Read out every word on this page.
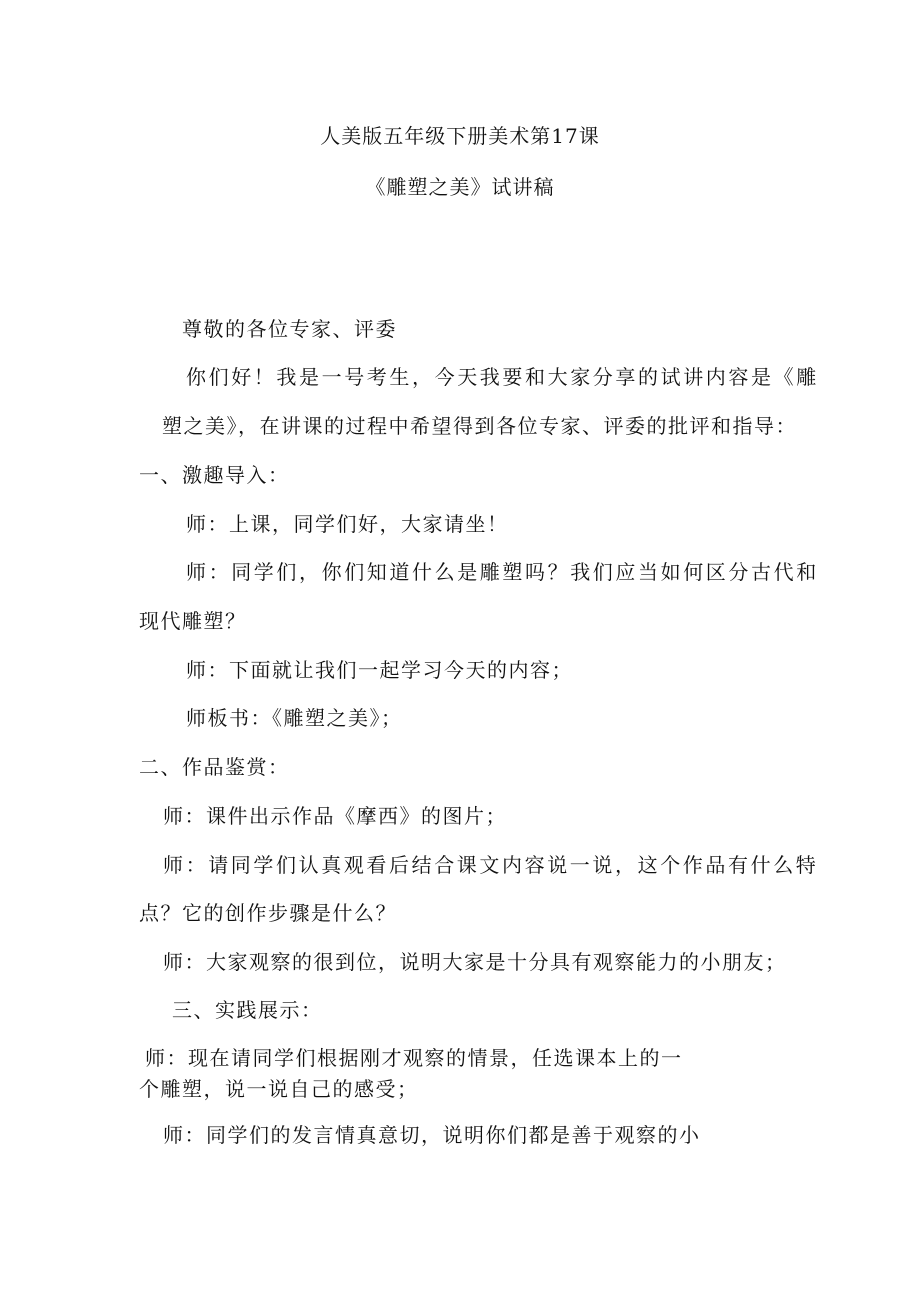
人美版五年级下册美术第17课
《雕塑之美》试讲稿
尊敬的各位专家、评委
你们好！我是一号考生，今天我要和大家分享的试讲内容是《雕
塑之美》，在讲课的过程中希望得到各位专家、评委的批评和指导：
一、激趣导入：
师：上课，同学们好，大家请坐！
师：同学们，你们知道什么是雕塑吗？我们应当如何区分古代和
现代雕塑？
师：下面就让我们一起学习今天的内容；
师板书：《雕塑之美》；
二、作品鉴赏：
师：课件出示作品《摩西》的图片；
师：请同学们认真观看后结合课文内容说一说，这个作品有什么特
点？它的创作步骤是什么？
师：大家观察的很到位，说明大家是十分具有观察能力的小朋友；
三、实践展示：
师：现在请同学们根据刚才观察的情景，任选课本上的一
个雕塑，说一说自己的感受；
师：同学们的发言情真意切，说明你们都是善于观察的小
